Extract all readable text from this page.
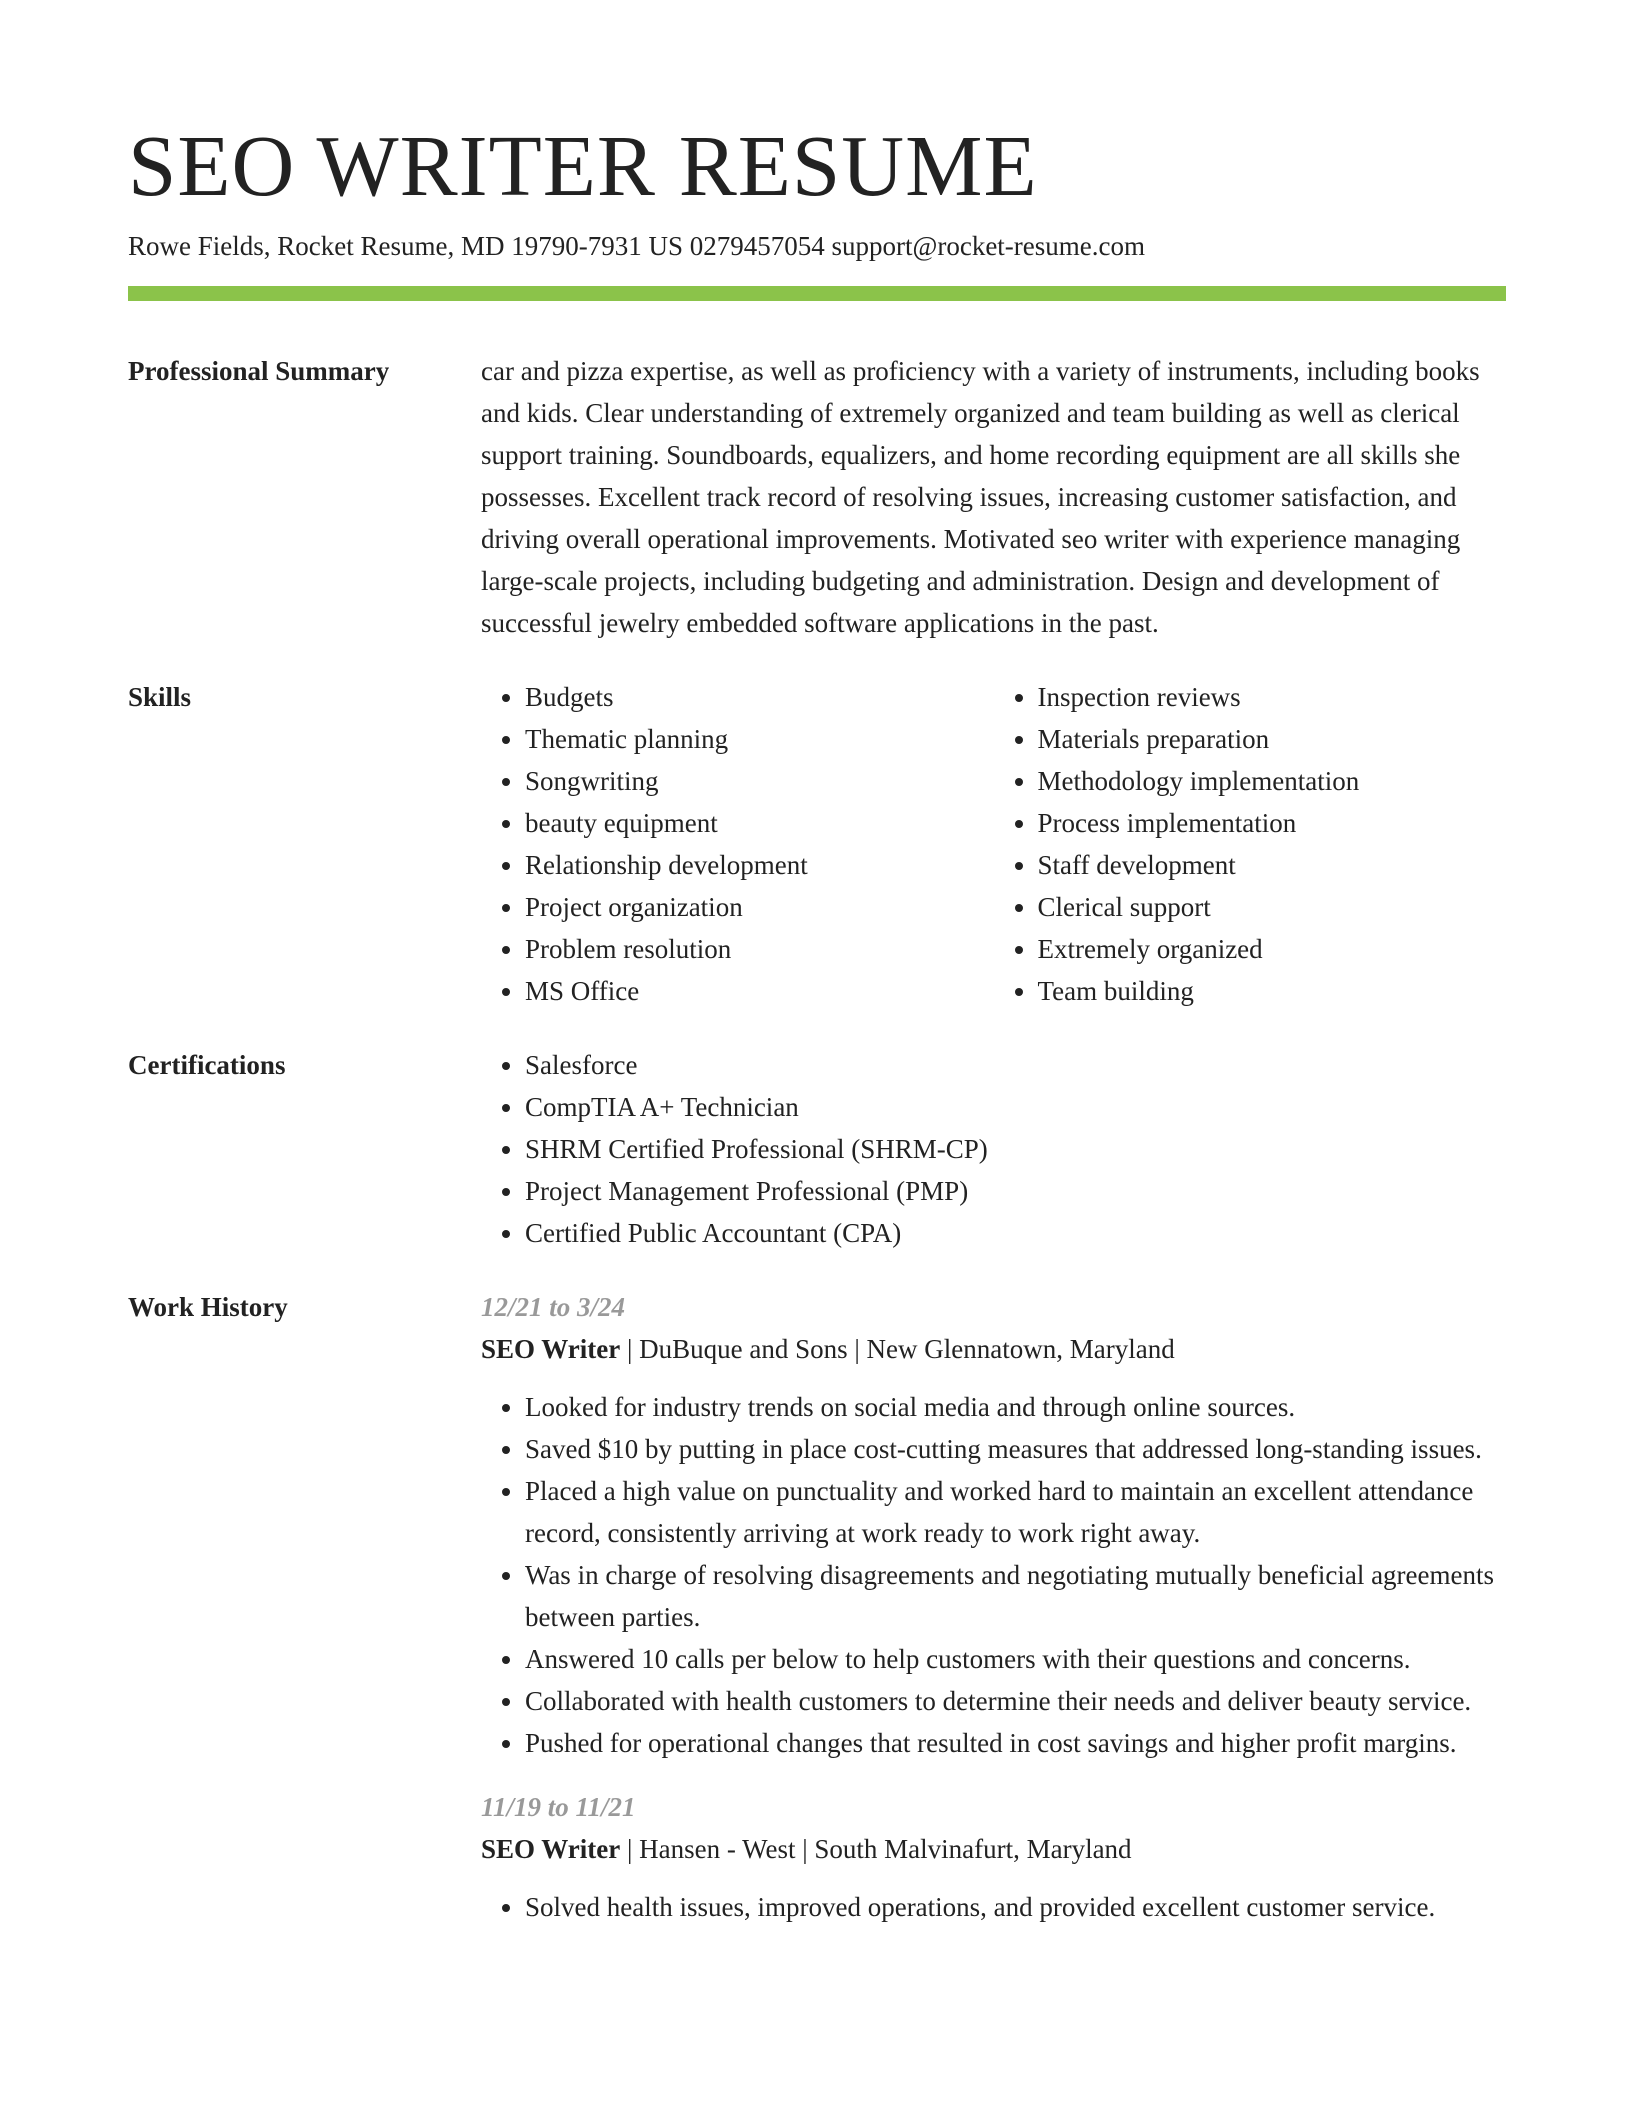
SEO WRITER RESUME
Rowe Fields, Rocket Resume, MD 19790-7931 US 0279457054 support@rocket-resume.com
Professional Summary	car and pizza expertise, as well as proficiency with a variety of instruments, including books and kids. Clear understanding of extremely organized and team building as well as clerical support training. Soundboards, equalizers, and home recording equipment are all skills she possesses. Excellent track record of resolving issues, increasing customer satisfaction, and driving overall operational improvements. Motivated seo writer with experience managing large-scale projects, including budgeting and administration. Design and development of successful jewelry embedded software applications in the past.

Skills	• Budgets
• Thematic planning
• Songwriting
• beauty equipment
• Relationship development
• Project organization
• Problem resolution
• MS Office
• Inspection reviews
• Materials preparation
• Methodology implementation
• Process implementation
• Staff development
• Clerical support
• Extremely organized
• Team building
Certifications	• Salesforce
• CompTIA A+ Technician
• SHRM Certified Professional (SHRM-CP)
• Project Management Professional (PMP)
• Certified Public Accountant (CPA)
Work History	12/21 to 3/24
SEO Writer | DuBuque and Sons | New Glennatown, Maryland
• Looked for industry trends on social media and through online sources.
• Saved $10 by putting in place cost-cutting measures that addressed long-standing issues.
• Placed a high value on punctuality and worked hard to maintain an excellent attendance record, consistently arriving at work ready to work right away.
• Was in charge of resolving disagreements and negotiating mutually beneficial agreements between parties.
• Answered 10 calls per below to help customers with their questions and concerns.
• Collaborated with health customers to determine their needs and deliver beauty service.
• Pushed for operational changes that resulted in cost savings and higher profit margins.
11/19 to 11/21
SEO Writer | Hansen - West | South Malvinafurt, Maryland
• Solved health issues, improved operations, and provided excellent customer service.
